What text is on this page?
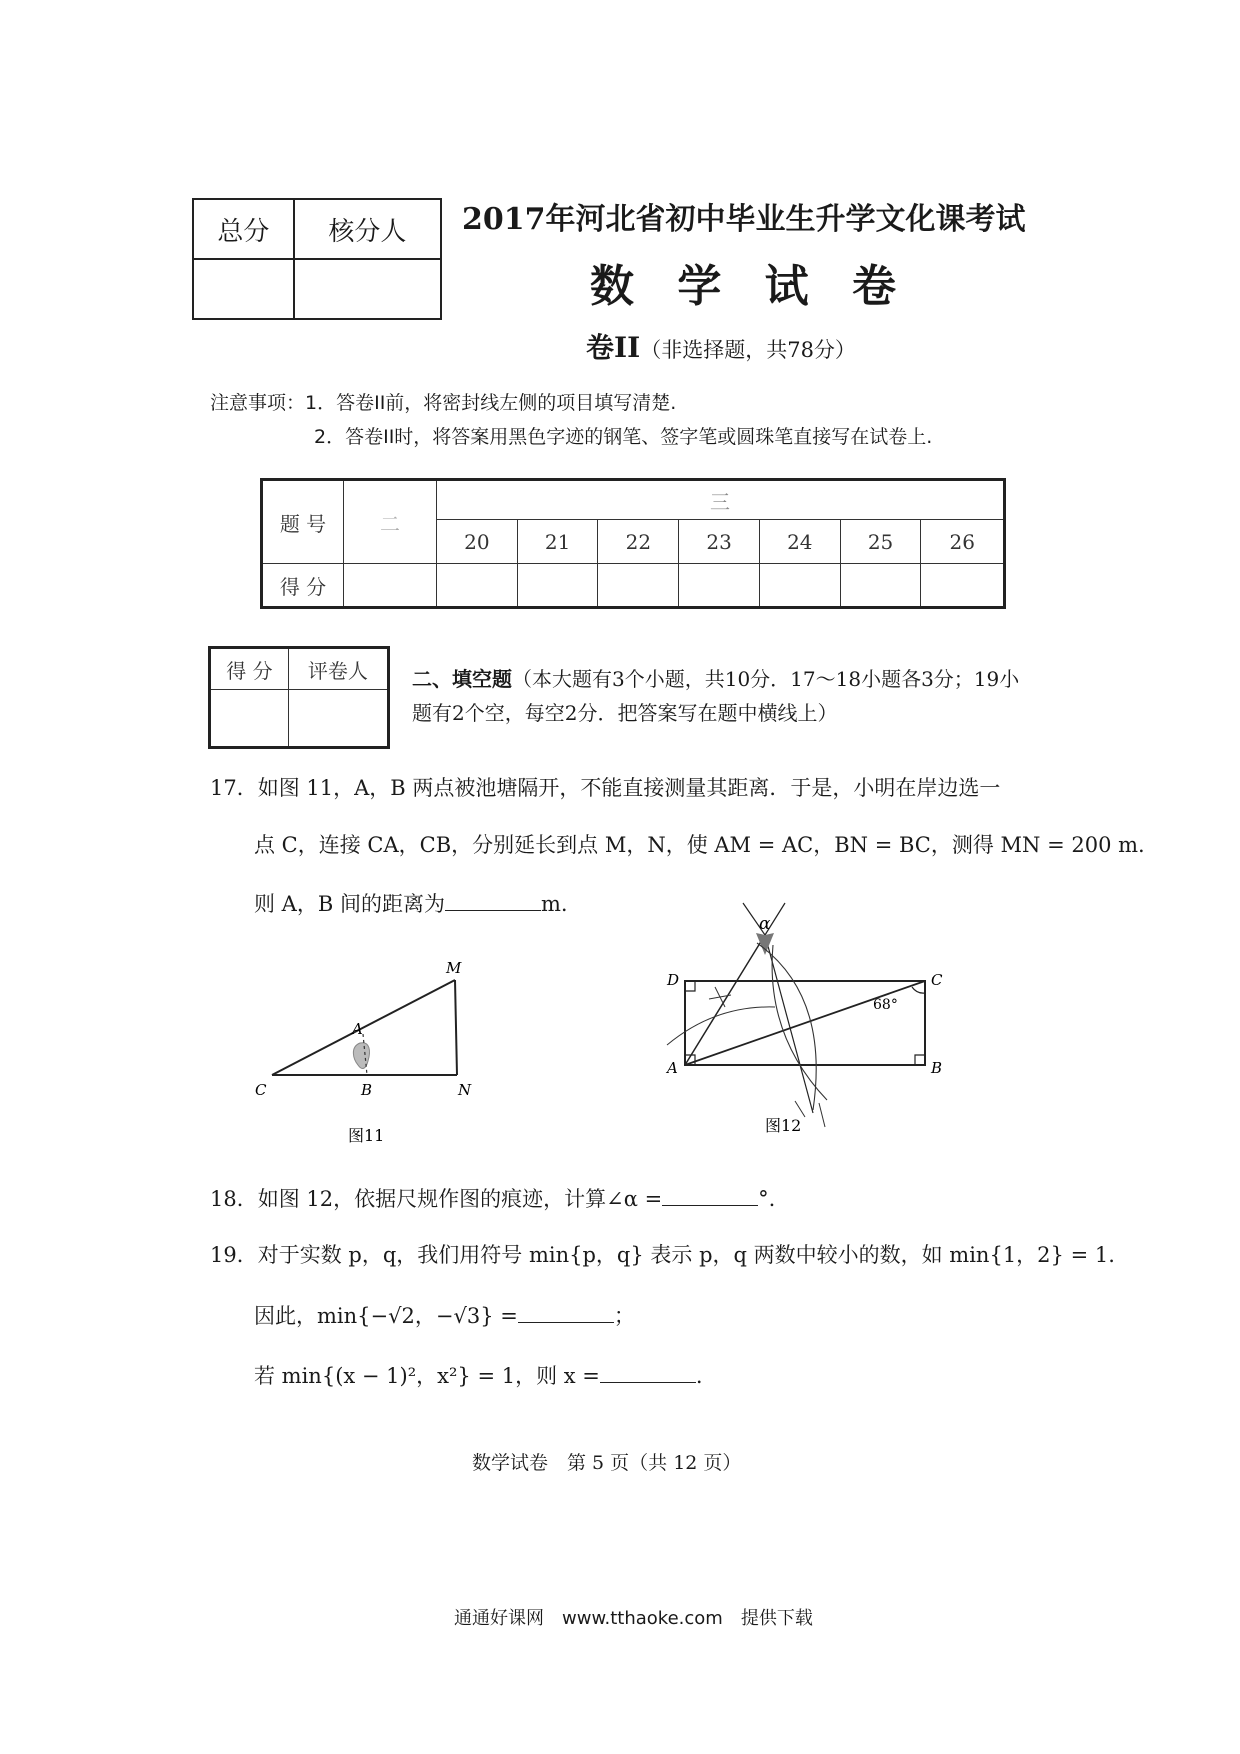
总分	核分人
	2017年河北省初中毕业生升学文化课考试
数 学 试 卷
卷II（非选择题，共78分）
注意事项：1．答卷II前，将密封线左侧的项目填写清楚.
2．答卷II时，将答案用黑色字迹的钢笔、签字笔或圆珠笔直接写在试卷上.
题 号	二	三						
		20	21	22	23	24	25	26
得 分								
得 分	评卷人
	二、填空题（本大题有3个小题，共10分．17～18小题各3分；19小
题有2个空，每空2分．把答案写在题中横线上）
17．如图 11，A，B 两点被池塘隔开，不能直接测量其距离．于是，小明在岸边选一
点 C，连接 CA，CB，分别延长到点 M，N，使 AM = AC，BN = BC，测得 MN = 200 m.
则 A，B 间的距离为	m.
M
A
C	B	N
图11
α
D	C
A	B
68°
图12
18．如图 12，依据尺规作图的痕迹，计算∠α =	°.
19．对于实数 p，q，我们用符号 min{p，q} 表示 p，q 两数中较小的数，如 min{1，2} = 1.
因此，min{−√2，−√3} =	；
若 min{(x − 1)²，x²} = 1，则 x =	.
数学试卷　第 5 页（共 12 页）
通通好课网　www.tthaoke.com　提供下载
